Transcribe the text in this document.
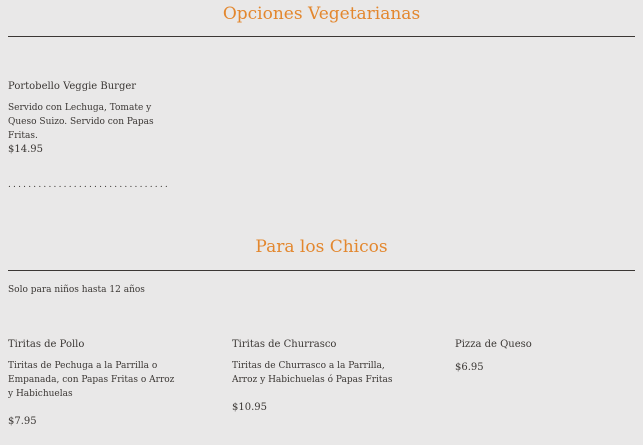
Opciones Vegetarianas

Portobello Veggie Burger

Servido con Lechuga, Tomate y Queso Suizo. Servido con Papas Fritas.

$14.95

................................

Para los Chicos

Solo para niños hasta 12 años

Tiritas de Pollo

Tiritas de Pechuga a la Parrilla o Empanada, con Papas Fritas o Arroz y Habichuelas

$7.95

Tiritas de Churrasco

Tiritas de Churrasco a la Parrilla, Arroz y Habichuelas ó Papas Fritas

$10.95

Pizza de Queso

$6.95
